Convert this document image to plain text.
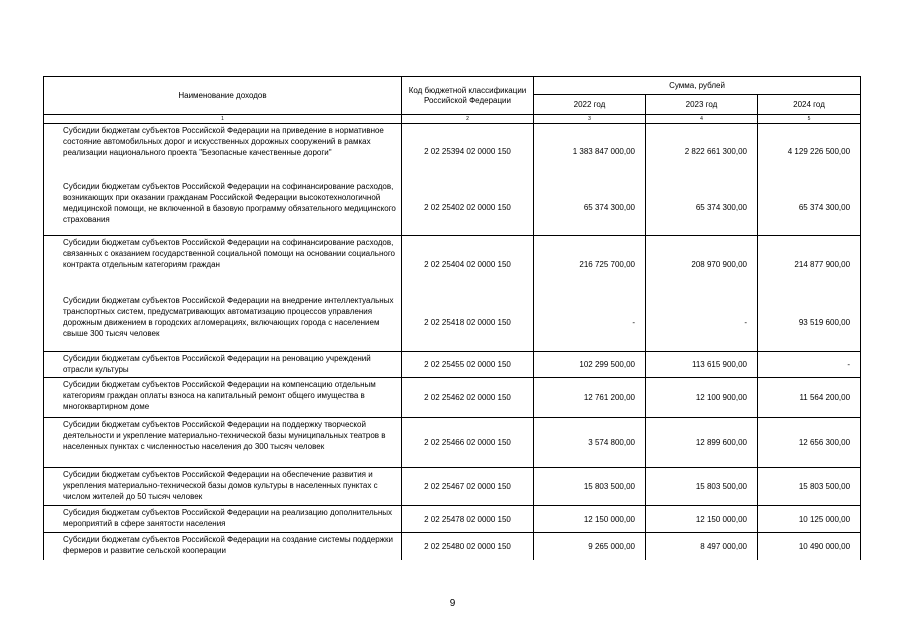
Наименование доходов	Код бюджетной классификации Российской Федерации	Сумма, рублей		
		2022 год	2023 год	2024 год
1	2	3	4	5
Субсидии бюджетам субъектов Российской Федерации на приведение в нормативное состояние автомобильных дорог и искусственных дорожных сооружений в рамках реализации национального проекта "Безопасные качественные дороги"	2 02 25394 02 0000 150	1 383 847 000,00	2 822 661 300,00	4 129 226 500,00
Субсидии бюджетам субъектов Российской Федерации на софинансирование расходов, возникающих при оказании гражданам Российской Федерации высокотехнологичной медицинской помощи, не включенной в базовую программу обязательного медицинского страхования	2 02 25402 02 0000 150	65 374 300,00	65 374 300,00	65 374 300,00
Субсидии бюджетам субъектов Российской Федерации на софинансирование расходов, связанных с оказанием государственной социальной помощи на основании социального контракта отдельным категориям граждан	2 02 25404 02 0000 150	216 725 700,00	208 970 900,00	214 877 900,00
Субсидии бюджетам субъектов Российской Федерации на внедрение интеллектуальных транспортных систем, предусматривающих автоматизацию процессов управления дорожным движением в городских агломерациях, включающих города с населением свыше 300 тысяч человек	2 02 25418 02 0000 150	-	-	93 519 600,00
Субсидии бюджетам субъектов Российской Федерации на реновацию учреждений отрасли культуры	2 02 25455 02 0000 150	102 299 500,00	113 615 900,00	-
Субсидии бюджетам субъектов Российской Федерации на компенсацию отдельным категориям граждан оплаты взноса на капитальный ремонт общего имущества в многоквартирном доме	2 02 25462 02 0000 150	12 761 200,00	12 100 900,00	11 564 200,00
Субсидии бюджетам субъектов Российской Федерации на поддержку творческой деятельности и укрепление материально-технической базы муниципальных театров в населенных пунктах с численностью населения до 300 тысяч человек	2 02 25466 02 0000 150	3 574 800,00	12 899 600,00	12 656 300,00
Субсидии бюджетам субъектов Российской Федерации на обеспечение развития и укрепления материально-технической базы домов культуры в населенных пунктах с числом жителей до 50 тысяч человек	2 02 25467 02 0000 150	15 803 500,00	15 803 500,00	15 803 500,00
Субсидия бюджетам субъектов Российской Федерации на реализацию дополнительных мероприятий в сфере занятости населения	2 02 25478 02 0000 150	12 150 000,00	12 150 000,00	10 125 000,00
Субсидии бюджетам субъектов Российской Федерации на создание системы поддержки фермеров и развитие сельской кооперации	2 02 25480 02 0000 150	9 265 000,00	8 497 000,00	10 490 000,00
9
